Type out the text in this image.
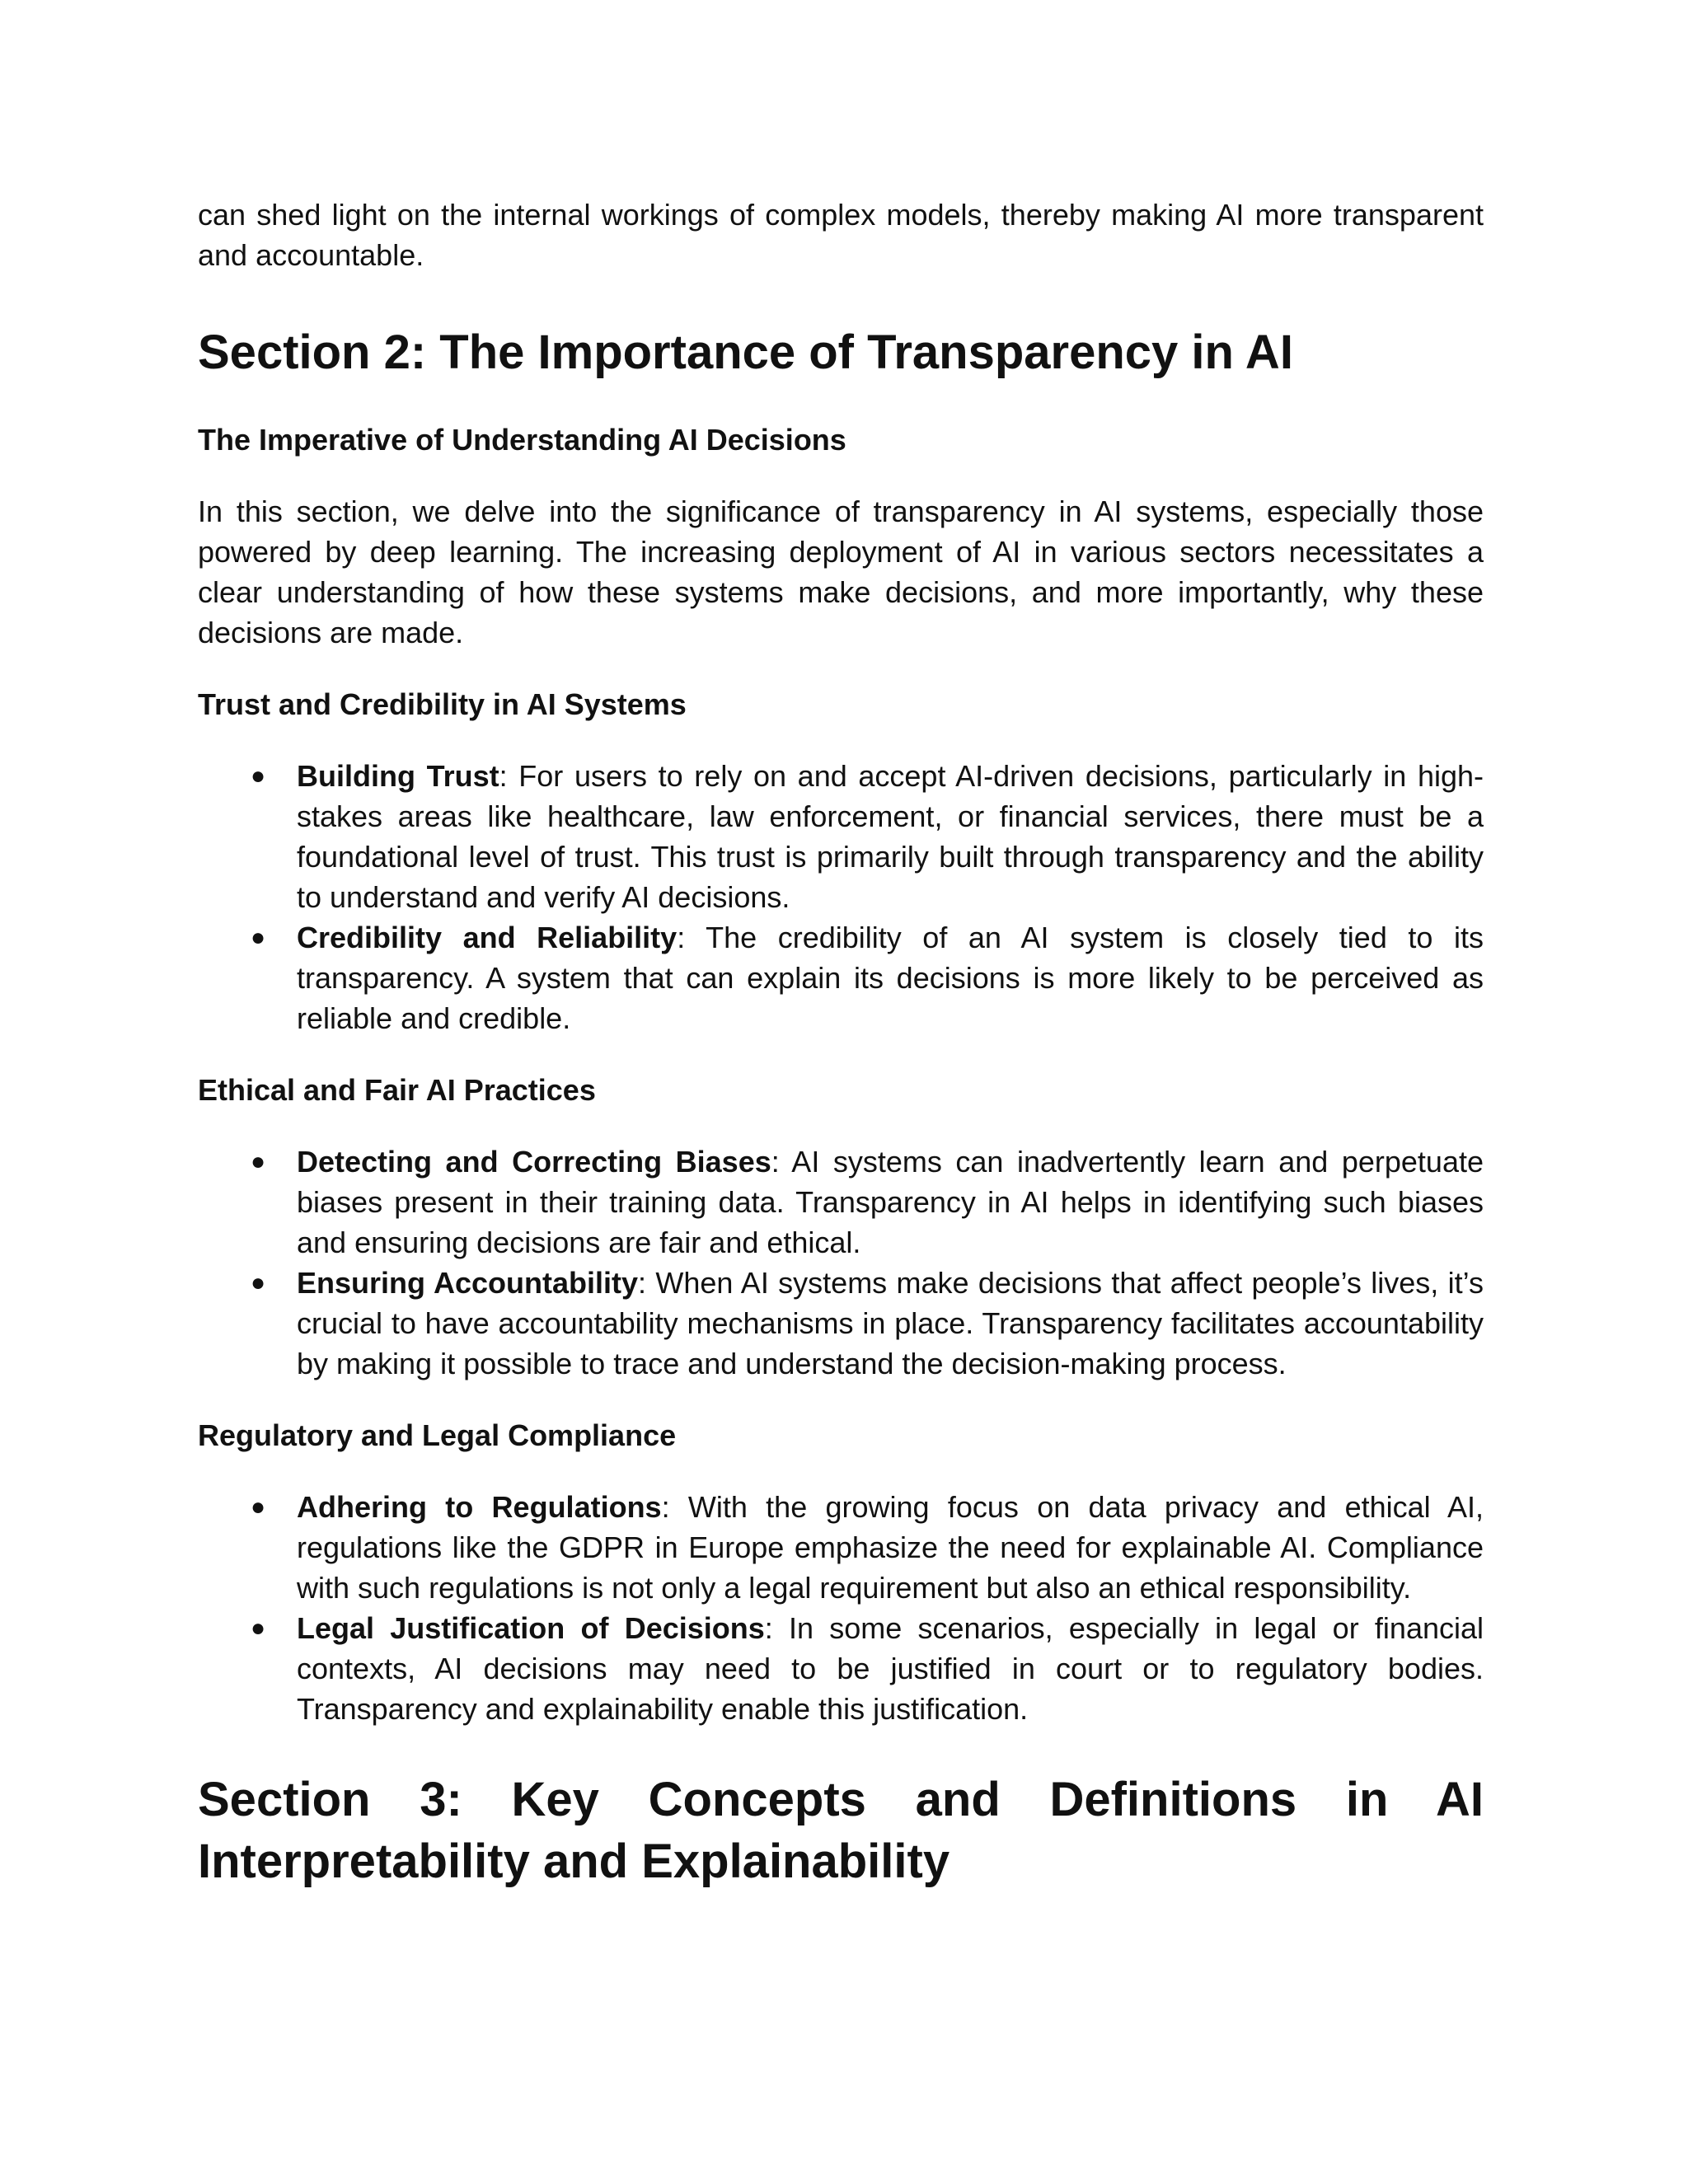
can shed light on the internal workings of complex models, thereby making AI more transparent and accountable.

Section 2: The Importance of Transparency in AI
The Imperative of Understanding AI Decisions

In this section, we delve into the significance of transparency in AI systems, especially those powered by deep learning. The increasing deployment of AI in various sectors necessitates a clear understanding of how these systems make decisions, and more importantly, why these decisions are made.

Trust and Credibility in AI Systems
● Building Trust: For users to rely on and accept AI-driven decisions, particularly in high-stakes areas like healthcare, law enforcement, or financial services, there must be a foundational level of trust. This trust is primarily built through transparency and the ability to understand and verify AI decisions.
● Credibility and Reliability: The credibility of an AI system is closely tied to its transparency. A system that can explain its decisions is more likely to be perceived as reliable and credible.
Ethical and Fair AI Practices
● Detecting and Correcting Biases: AI systems can inadvertently learn and perpetuate biases present in their training data. Transparency in AI helps in identifying such biases and ensuring decisions are fair and ethical.
● Ensuring Accountability: When AI systems make decisions that affect people’s lives, it’s crucial to have accountability mechanisms in place. Transparency facilitates accountability by making it possible to trace and understand the decision-making process.
Regulatory and Legal Compliance
● Adhering to Regulations: With the growing focus on data privacy and ethical AI, regulations like the GDPR in Europe emphasize the need for explainable AI. Compliance with such regulations is not only a legal requirement but also an ethical responsibility.
● Legal Justification of Decisions: In some scenarios, especially in legal or financial contexts, AI decisions may need to be justified in court or to regulatory bodies. Transparency and explainability enable this justification.
Section 3: Key Concepts and Definitions in AI Interpretability and Explainability
